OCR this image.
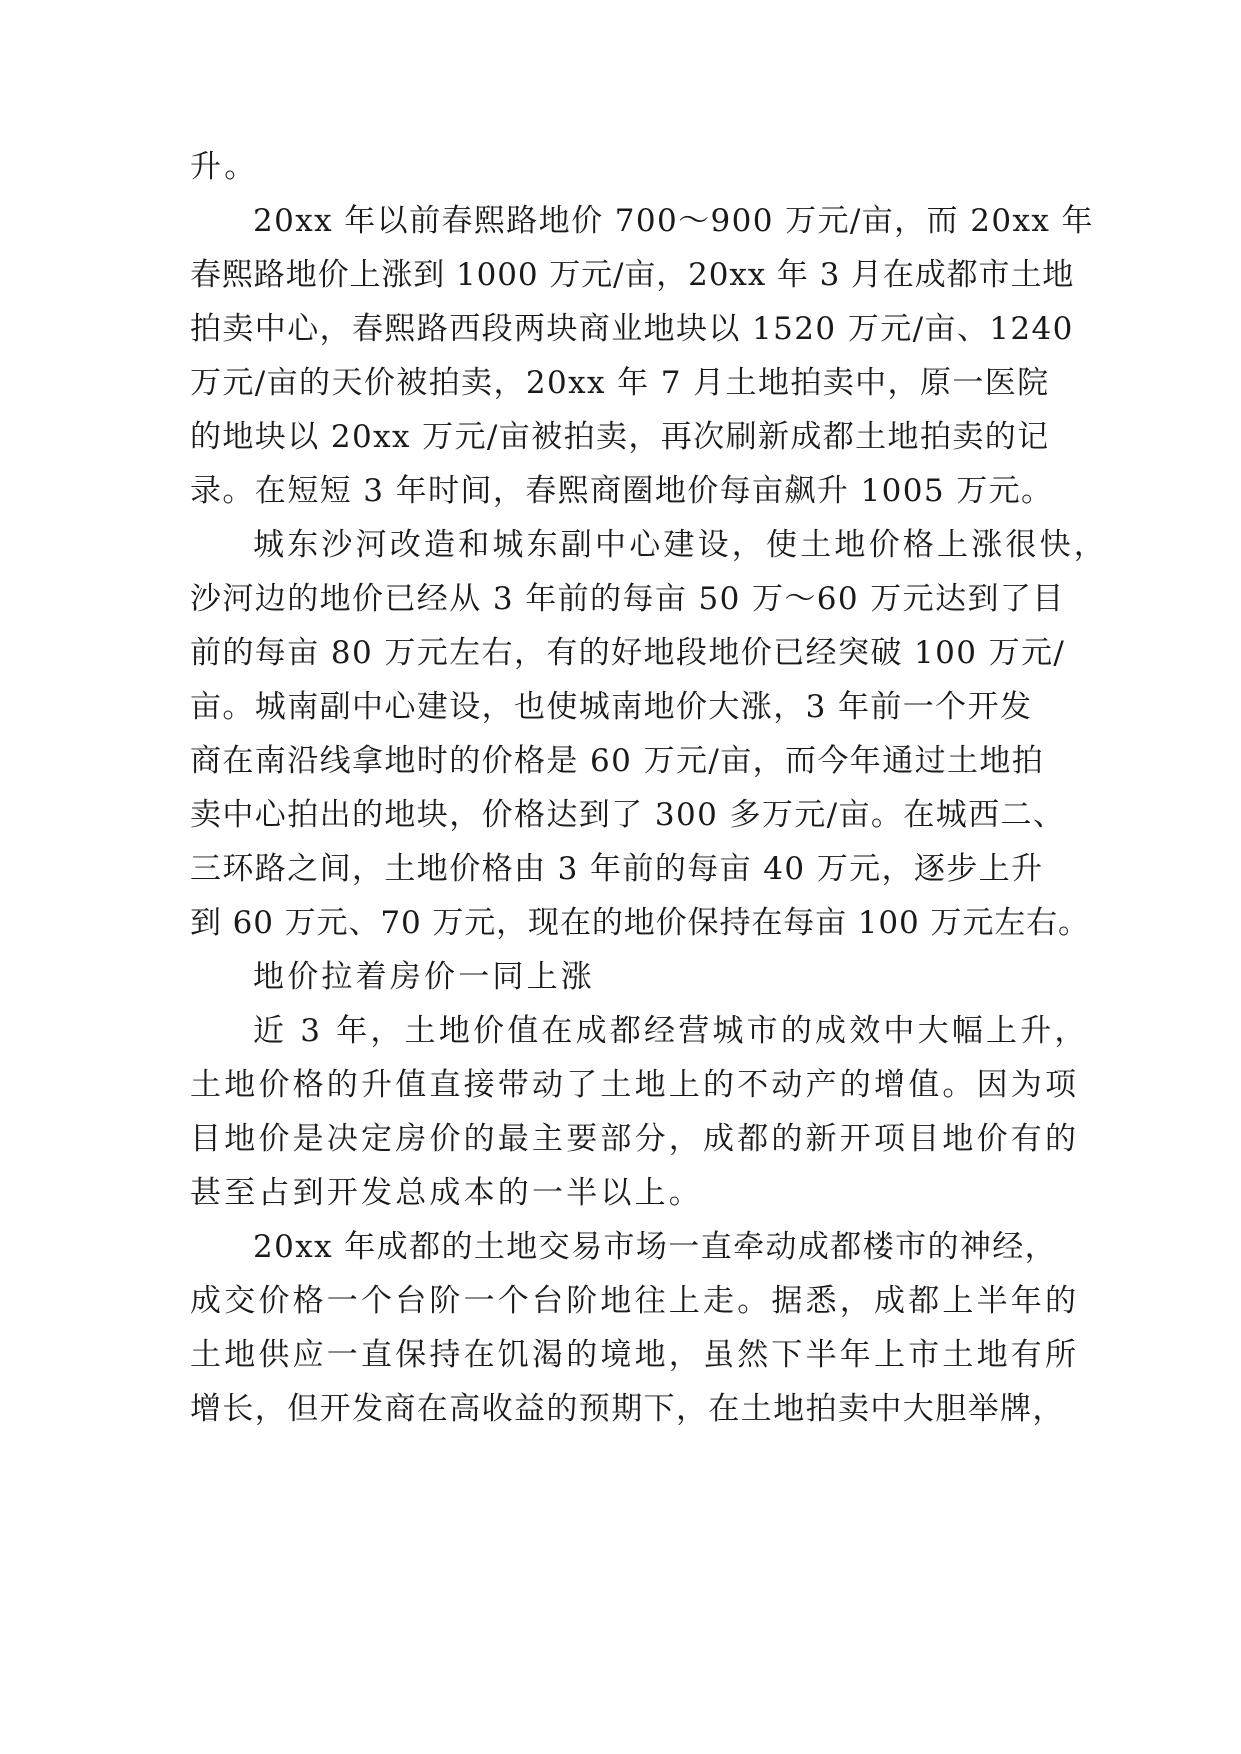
升。

20xx 年以前春熙路地价 700～900 万元/亩，而 20xx 年

春熙路地价上涨到 1000 万元/亩，20xx 年 3 月在成都市土地

拍卖中心，春熙路西段两块商业地块以 1520 万元/亩、1240

万元/亩的天价被拍卖，20xx 年 7 月土地拍卖中，原一医院

的地块以 20xx 万元/亩被拍卖，再次刷新成都土地拍卖的记

录。在短短 3 年时间，春熙商圈地价每亩飙升 1005 万元。

城东沙河改造和城东副中心建设，使土地价格上涨很快，

沙河边的地价已经从 3 年前的每亩 50 万～60 万元达到了目

前的每亩 80 万元左右，有的好地段地价已经突破 100 万元/

亩。城南副中心建设，也使城南地价大涨，3 年前一个开发

商在南沿线拿地时的价格是 60 万元/亩，而今年通过土地拍

卖中心拍出的地块，价格达到了 300 多万元/亩。在城西二、

三环路之间，土地价格由 3 年前的每亩 40 万元，逐步上升

到 60 万元、70 万元，现在的地价保持在每亩 100 万元左右。

地价拉着房价一同上涨

近 3 年，土地价值在成都经营城市的成效中大幅上升，

土地价格的升值直接带动了土地上的不动产的增值。因为项

目地价是决定房价的最主要部分，成都的新开项目地价有的

甚至占到开发总成本的一半以上。

20xx 年成都的土地交易市场一直牵动成都楼市的神经，

成交价格一个台阶一个台阶地往上走。据悉，成都上半年的

土地供应一直保持在饥渴的境地，虽然下半年上市土地有所

增长，但开发商在高收益的预期下，在土地拍卖中大胆举牌，
